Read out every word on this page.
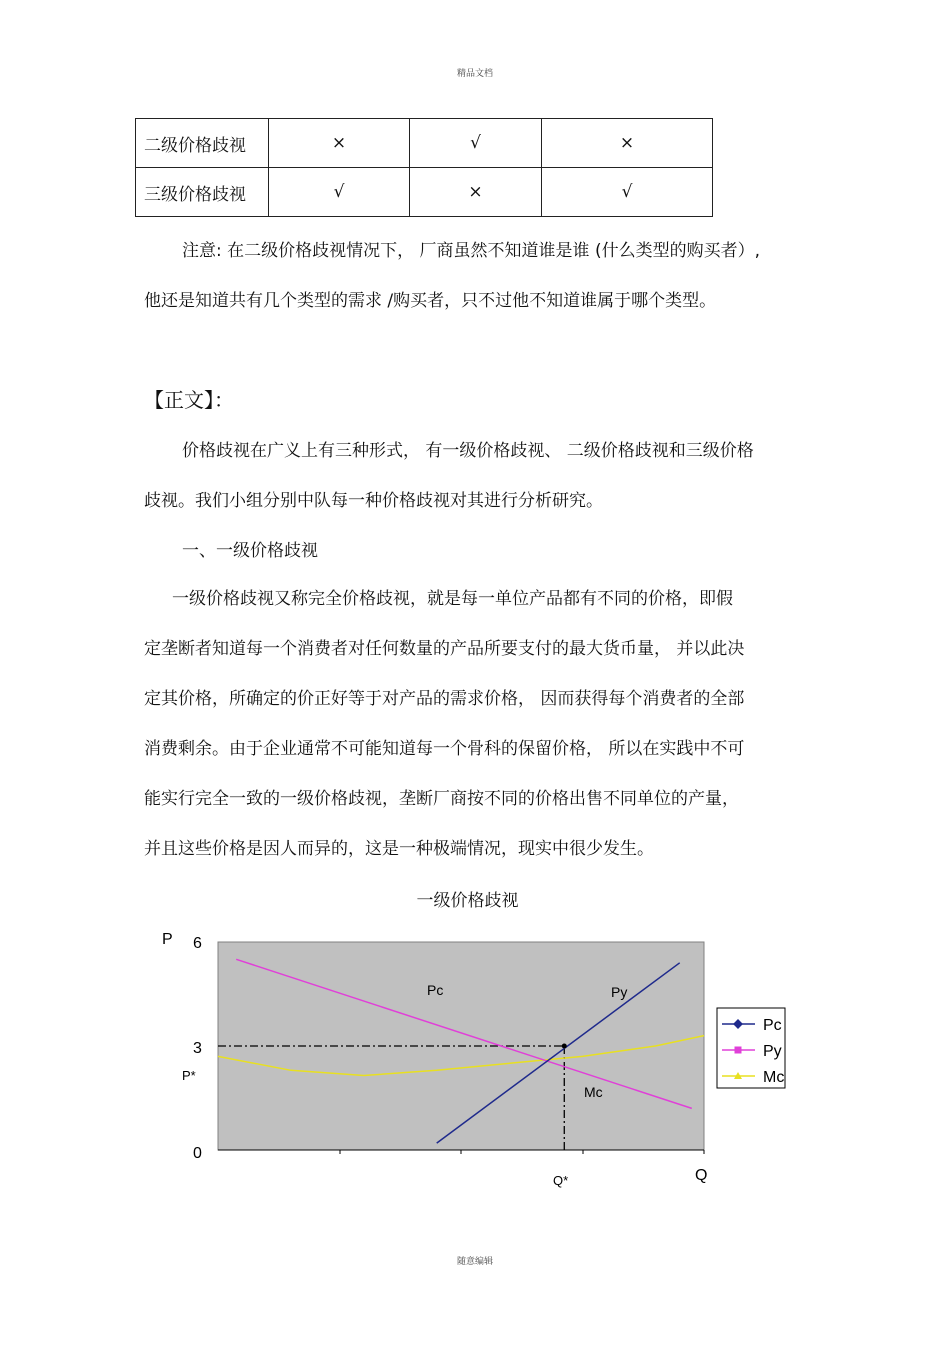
精品文档
二级价格歧视	×	√	×
三级价格歧视	√	×	√
注意: 在二级价格歧视情况下， 厂商虽然不知道谁是谁 (什么类型的购买者）,
他还是知道共有几个类型的需求 /购买者，只不过他不知道谁属于哪个类型。
【正文】：
价格歧视在广义上有三种形式， 有一级价格歧视、 二级价格歧视和三级价格
歧视。我们小组分别中队每一种价格歧视对其进行分析研究。
一、一级价格歧视
一级价格歧视又称完全价格歧视，就是每一单位产品都有不同的价格，即假
定垄断者知道每一个消费者对任何数量的产品所要支付的最大货币量， 并以此决
定其价格，所确定的价正好等于对产品的需求价格， 因而获得每个消费者的全部
消费剩余。由于企业通常不可能知道每一个骨科的保留价格， 所以在实践中不可
能实行完全一致的一级价格歧视，垄断厂商按不同的价格出售不同单位的产量，
并且这些价格是因人而异的，这是一种极端情况，现实中很少发生。
一级价格歧视
P
Q
6
3
0
Pc	Py
Mc
P*
Q*
Pc
Py
Mc
随意编辑
